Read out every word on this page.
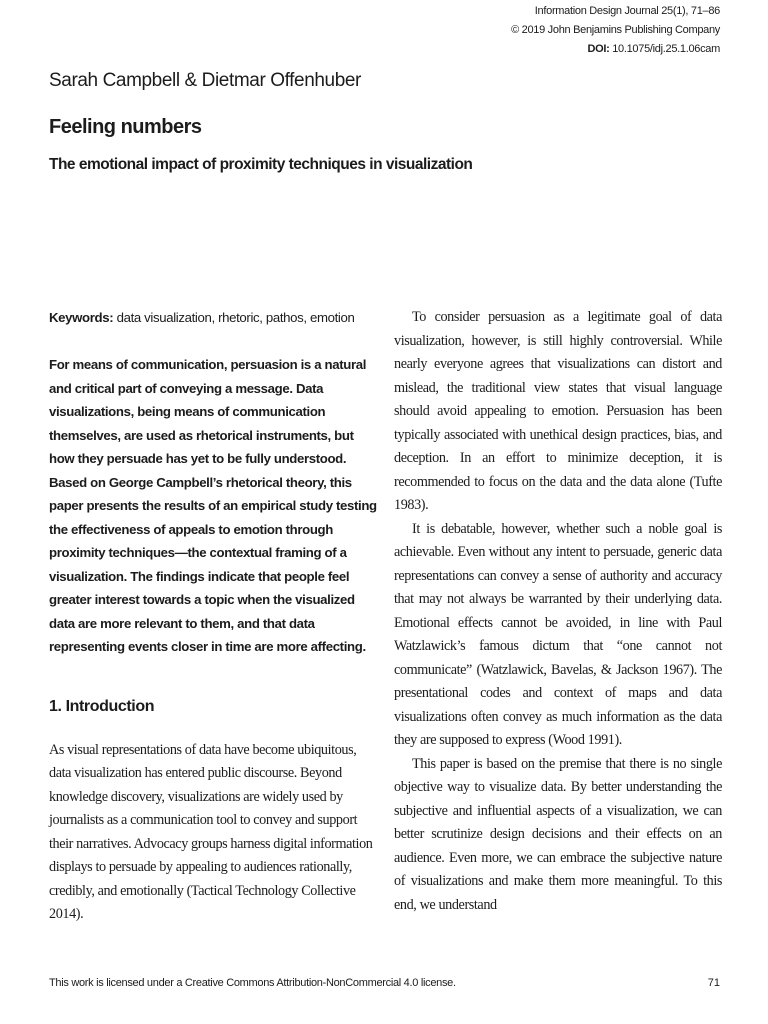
Information Design Journal 25(1), 71–86
© 2019 John Benjamins Publishing Company
DOI: 10.1075/idj.25.1.06cam
Sarah Campbell & Dietmar Offenhuber
Feeling numbers
The emotional impact of proximity techniques in visualization

Keywords: data visualization, rhetoric, pathos, emotion

For means of communication, persuasion is a natural and critical part of conveying a message. Data visualizations, being means of communication themselves, are used as rhetorical instruments, but how they persuade has yet to be fully understood. Based on George Campbell’s rhetorical theory, this paper presents the results of an empirical study testing the effectiveness of appeals to emotion through proximity techniques—the contextual framing of a visualization. The findings indicate that people feel greater interest towards a topic when the visualized data are more relevant to them, and that data representing events closer in time are more affecting.

1. Introduction

As visual representations of data have become ubiquitous, data visualization has entered public discourse. Beyond knowledge discovery, visualizations are widely used by journalists as a communication tool to convey and support their narratives. Advocacy groups harness digital information displays to persuade by appealing to audiences rationally, credibly, and emotionally (Tactical Technology Collective 2014).

To consider persuasion as a legitimate goal of data visualization, however, is still highly controversial. While nearly everyone agrees that visualizations can distort and mislead, the traditional view states that visual language should avoid appealing to emotion. Persuasion has been typically associated with unethical design practices, bias, and deception. In an effort to minimize deception, it is recommended to focus on the data and the data alone (Tufte 1983).

It is debatable, however, whether such a noble goal is achievable. Even without any intent to persuade, generic data representations can convey a sense of authority and accuracy that may not always be warranted by their underlying data. Emotional effects cannot be avoided, in line with Paul Watzlawick’s famous dictum that “one cannot not communicate” (Watzlawick, Bavelas, & Jackson 1967). The presentational codes and context of maps and data visualizations often convey as much information as the data they are supposed to express (Wood 1991).

This paper is based on the premise that there is no single objective way to visualize data. By better understanding the subjective and influential aspects of a visualization, we can better scrutinize design decisions and their effects on an audience. Even more, we can embrace the subjective nature of visualizations and make them more meaningful. To this end, we understand

This work is licensed under a Creative Commons Attribution-NonCommercial 4.0 license.	71
